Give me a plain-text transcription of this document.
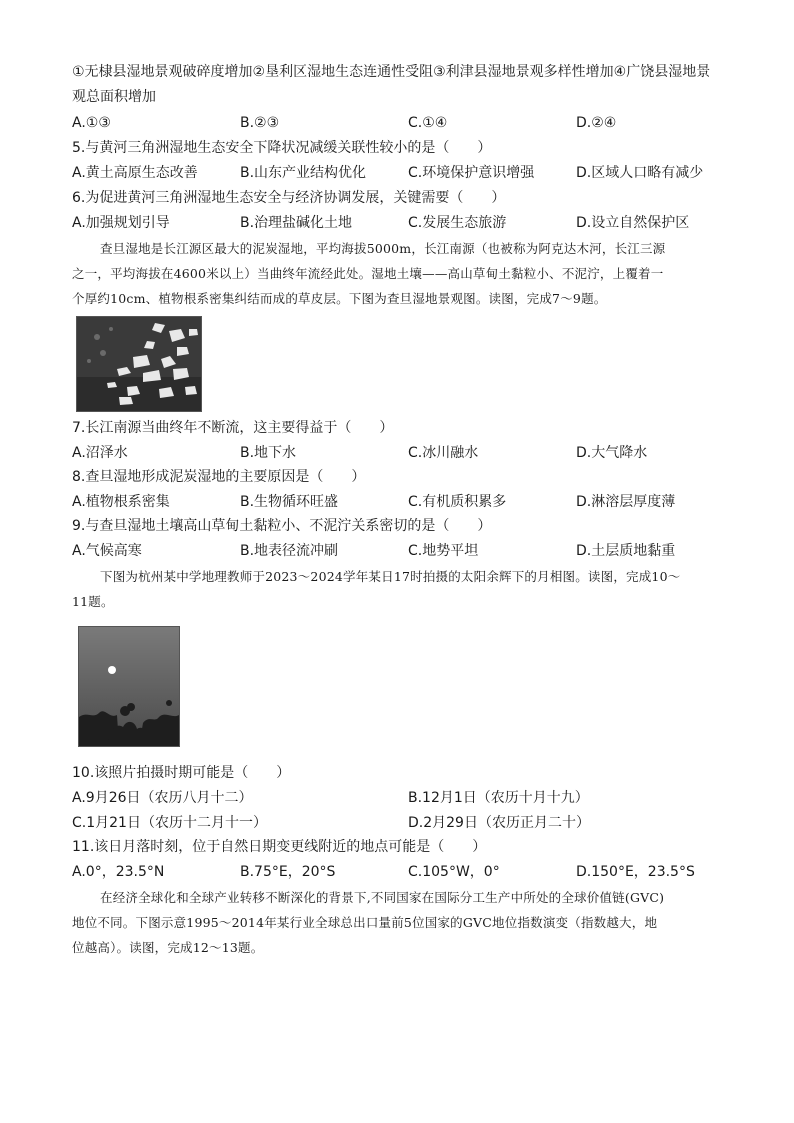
①无棣县湿地景观破碎度增加②垦利区湿地生态连通性受阻③利津县湿地景观多样性增加④广饶县湿地景
观总面积增加
A.①③	B.②③	C.①④	D.②④
5.与黄河三角洲湿地生态安全下降状况减缓关联性较小的是（　　）
A.黄土高原生态改善	B.山东产业结构优化	C.环境保护意识增强	D.区域人口略有减少
6.为促进黄河三角洲湿地生态安全与经济协调发展，关键需要（　　）
A.加强规划引导	B.治理盐碱化土地	C.发展生态旅游	D.设立自然保护区
查旦湿地是长江源区最大的泥炭湿地，平均海拔5000m，长江南源（也被称为阿克达木河，长江三源
之一，平均海拔在4600米以上）当曲终年流经此处。湿地土壤——高山草甸土黏粒小、不泥泞，上覆着一
个厚约10cm、植物根系密集纠结而成的草皮层。下图为查旦湿地景观图。读图，完成7～9题。
7.长江南源当曲终年不断流，这主要得益于（　　）
A.沼泽水	B.地下水	C.冰川融水	D.大气降水
8.查旦湿地形成泥炭湿地的主要原因是（　　）
A.植物根系密集	B.生物循环旺盛	C.有机质积累多	D.淋溶层厚度薄
9.与查旦湿地土壤高山草甸土黏粒小、不泥泞关系密切的是（　　）
A.气候高寒	B.地表径流冲刷	C.地势平坦	D.土层质地黏重
下图为杭州某中学地理教师于2023～2024学年某日17时拍摄的太阳余辉下的月相图。读图，完成10～
11题。
10.该照片拍摄时期可能是（　　）
A.9月26日（农历八月十二）	B.12月1日（农历十月十九）
C.1月21日（农历十二月十一）	D.2月29日（农历正月二十）
11.该日月落时刻，位于自然日期变更线附近的地点可能是（　　）
A.0°，23.5°N	B.75°E，20°S	C.105°W，0°	D.150°E，23.5°S
在经济全球化和全球产业转移不断深化的背景下,不同国家在国际分工生产中所处的全球价值链(GVC)
地位不同。下图示意1995～2014年某行业全球总出口量前5位国家的GVC地位指数演变（指数越大，地
位越高）。读图，完成12～13题。
